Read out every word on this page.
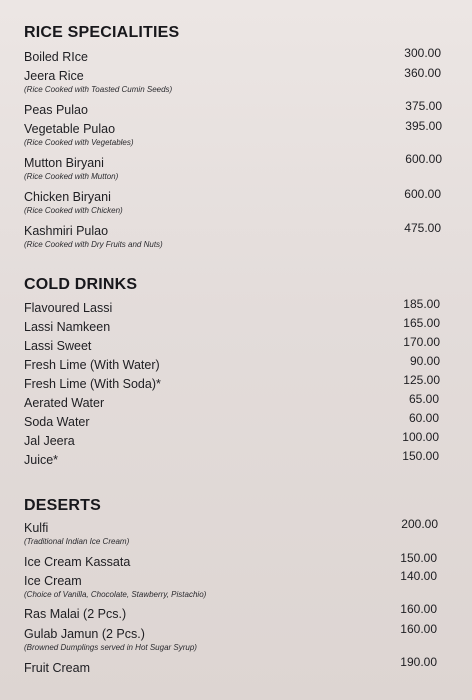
RICE SPECIALITIES
Boiled RIce	300.00
Jeera Rice	360.00
(Rice Cooked with Toasted Cumin Seeds)
Peas Pulao	375.00
Vegetable Pulao	395.00
(Rice Cooked with Vegetables)
Mutton Biryani	600.00
(Rice Cooked with Mutton)
Chicken Biryani	600.00
(Rice Cooked with Chicken)
Kashmiri Pulao	475.00
(Rice Cooked with Dry Fruits and Nuts)
COLD DRINKS
Flavoured Lassi	185.00
Lassi Namkeen	165.00
Lassi Sweet	170.00
Fresh Lime (With Water)	90.00
Fresh Lime (With Soda)*	125.00
Aerated Water	65.00
Soda Water	60.00
Jal Jeera	100.00
Juice*	150.00
DESERTS
Kulfi	200.00
(Traditional Indian Ice Cream)
Ice Cream Kassata	150.00
Ice Cream	140.00
(Choice of Vanilla, Chocolate, Stawberry, Pistachio)
Ras Malai (2 Pcs.)	160.00
Gulab Jamun (2 Pcs.)	160.00
(Browned Dumplings served in Hot Sugar Syrup)
Fruit Cream	190.00
